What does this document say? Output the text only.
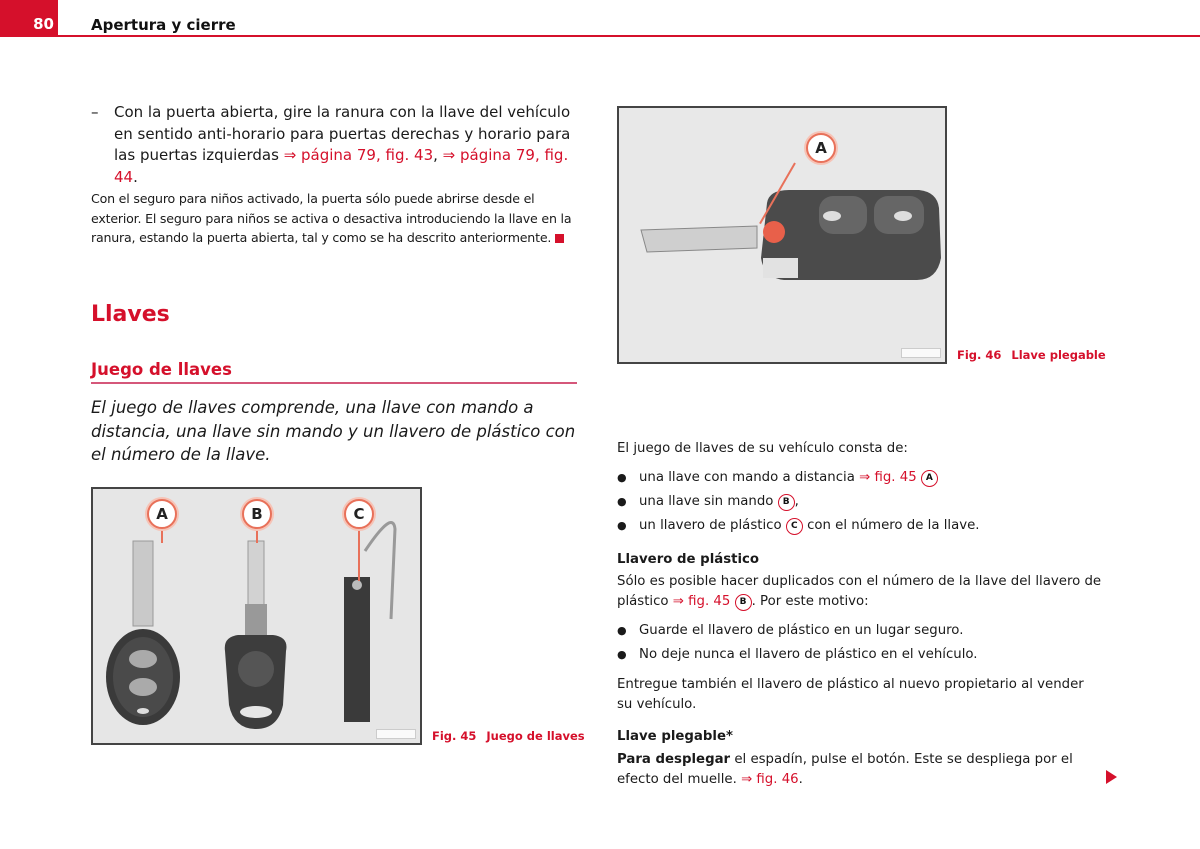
80 Apertura y cierre
– Con la puerta abierta, gire la ranura con la llave del vehículo en sentido anti-horario para puertas derechas y horario para las puertas izquierdas ⇒ página 79, fig. 43, ⇒ página 79, fig. 44.
Con el seguro para niños activado, la puerta sólo puede abrirse desde el exterior. El seguro para niños se activa o desactiva introduciendo la llave en la ranura, estando la puerta abierta, tal y como se ha descrito anteriormente.
Llaves
Juego de llaves
El juego de llaves comprende, una llave con mando a distancia, una llave sin mando y un llavero de plástico con el número de la llave.
A	B	C
Fig. 45 Juego de llaves
A
Fig. 46 Llave plegable
El juego de llaves de su vehículo consta de:
● una llave con mando a distancia ⇒ fig. 45 A
● una llave sin mando B ,
● un llavero de plástico C con el número de la llave.
Llavero de plástico
Sólo es posible hacer duplicados con el número de la llave del llavero de plástico ⇒ fig. 45 B . Por este motivo:
● Guarde el llavero de plástico en un lugar seguro.
● No deje nunca el llavero de plástico en el vehículo.
Entregue también el llavero de plástico al nuevo propietario al vender su vehículo.
Llave plegable*
Para desplegar el espadín, pulse el botón. Este se despliega por el efecto del muelle. ⇒ fig. 46.
